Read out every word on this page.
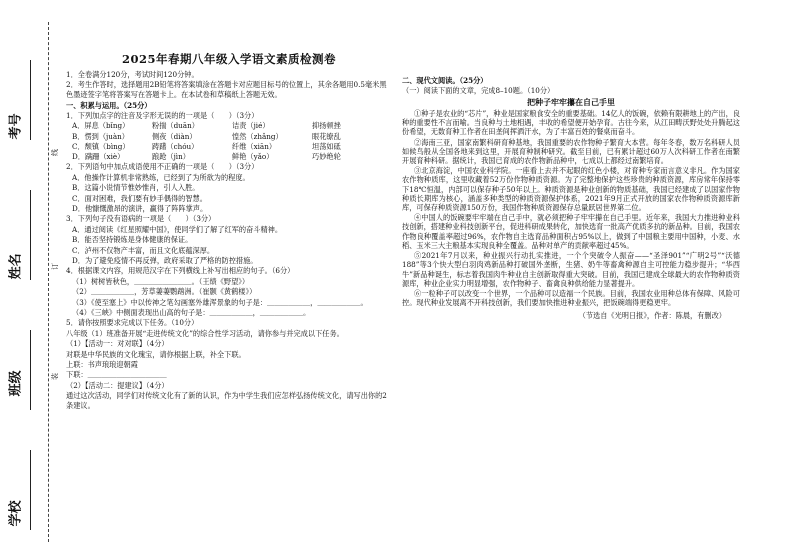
考号
姓名
班级
学校
线
订
装
2025年春期八年级入学语文素质检测卷

1．全卷满分120分，考试时间120分钟。

2．考生作答时，选择题用2B铅笔将答案填涂在答题卡对应题目标号的位置上，其余各题用0.5毫米黑色墨迹签字笔将答案写在答题卡上。在本试卷和草稿纸上答题无效。

一、积累与运用。（25分）

1．下列加点字的注音及字形无误的的一项是（　　）（3分）

A．屏息（bǐng）	粉揣（duān）	诘责（jié）	抑扬顿挫
B．愣到（juàn）	侧夜（diàn）	惶然（zhǎng）	眼花缭乱
C．颓镇（bìng）	踌躇（chóu）	纤维（xiān）	坦荡如砥
D．蹒跚（xiè）	踉跄（jìn）	鲜艳（yǎo）	巧妙绝轮

2．下列语句中加点成语使用不正确的一项是（　　）（3分）

A．他操作计算机非常熟练，已经到了为所欲为的程度。

B．这篇小说情节惟妙惟肖，引人入胜。

C．面对困难，我们要有妙手偶得的智慧。

D．他慷慨激昂的演讲，赢得了阵阵掌声。

3．下列句子没有语病的一项是（　　）（3分）

A．通过阅读《红星照耀中国》，使同学们了解了红军的奋斗精神。

B．能否坚持锻炼是身体健康的保证。

C．泸州不仅物产丰富，而且文化底蕴深厚。

D．为了避免疫情不再反弹，政府采取了严格的防控措施。

4．根据课文内容，用规范汉字在下列横线上补写出相应的句子。（6分）

（1）树树皆秋色，＿＿＿＿＿＿＿＿。（王绩《野望》）

（2）＿＿＿＿＿＿，芳草萋萋鹦鹉洲。（崔颢《黄鹤楼》）

（3）《使至塞上》中以传神之笔勾画塞外雄浑景象的句子是：＿＿＿＿＿＿，＿＿＿＿＿＿。

（4）《三峡》中侧面表现出山高的句子是：＿＿＿＿＿＿，＿＿＿＿＿＿。

5．请你按照要求完成以下任务。（10分）

八年级（1）班准备开展“走进传统文化”的综合性学习活动，请你参与并完成以下任务。

（1）【活动一：对对联】（4分）

对联是中华民族的文化瑰宝，请你根据上联，补全下联。

上联：书声琅琅迎朝霞

下联：＿＿＿＿＿＿＿＿＿＿＿

（2）【活动二：提建议】（4分）

通过这次活动，同学们对传统文化有了新的认识，作为中学生我们应怎样弘扬传统文化，请写出你的2条建议。

二、现代文阅读。（25分）

（一）阅读下面的文章，完成8–10题。（10分）

把种子牢牢攥在自己手里

①种子是农业的“芯片”，种业是国家粮食安全的重要基础。14亿人的饭碗，依赖有限耕地上的产出，良种的重要性不言而喻。当良种与土地相遇，丰收的希望便开始孕育。古往今来，从江田畴沃野处处升腾起这份希望，无数育种工作者在田垄间挥洒汗水，为了丰富百姓的餐桌而奋斗。

②海南三亚，国家南繁科研育种基地，我国重要的农作物种子繁育大本营。每年冬春，数万名科研人员如候鸟般从全国各地来到这里，开展育种制种研究。截至目前，已有累计超过60万人次科研工作者在南繁开展育种科研。据统计，我国已育成的农作物新品种中，七成以上都经过南繁培育。

③北京海淀，中国农业科学院。一座看上去并不起眼的红色小楼，对育种专家而言意义非凡。作为国家农作物种质库，这里收藏着52万份作物种质资源。为了完整地保护这些珍贵的种质资源，库房常年保持零下18℃恒温，内部可以保存种子50年以上。种质资源是种业创新的物质基础，我国已经建成了以国家作物种质长期库为核心，涵盖多种类型的种质资源保护体系，2021年9月正式开放的国家农作物种质资源库新库，可保存种质资源150万份，我国作物种质资源保存总量跃居世界第二位。

④中国人的饭碗要牢牢端在自己手中，就必须把种子牢牢攥在自己手里。近年来，我国大力推进种业科技创新，搭建种业科技创新平台，促进科研成果转化，加快选育一批高产优质多抗的新品种。目前，我国农作物良种覆盖率超过96%，农作物自主选育品种面积占95%以上，做到了中国粮主要用中国种，小麦、水稻、玉米三大主粮基本实现良种全覆盖。品种对单产的贡献率超过45%。

⑤2021年7月以来，种业振兴行动扎实推进，一个个突破令人振奋——“圣泽901”“广明2号”“沃德188”等3个快大型白羽肉鸡新品种打破国外垄断，生猪、奶牛等畜禽种源自主可控能力稳步提升；“华西牛”新品种诞生，标志着我国肉牛种业自主创新取得重大突破。目前，我国已建成全球最大的农作物种质资源库，种业企业实力明显增强，农作物种子、畜禽良种供给能力显著提升。

⑥一粒种子可以改变一个世界，一个品种可以造福一个民族。目前，我国农业用种总体有保障、风险可控。现代种业发展离不开科技创新，我们要加快推进种业振兴，把饭碗端得更稳更牢。

（节选自《光明日报》，作者：陈晨，有删改）
